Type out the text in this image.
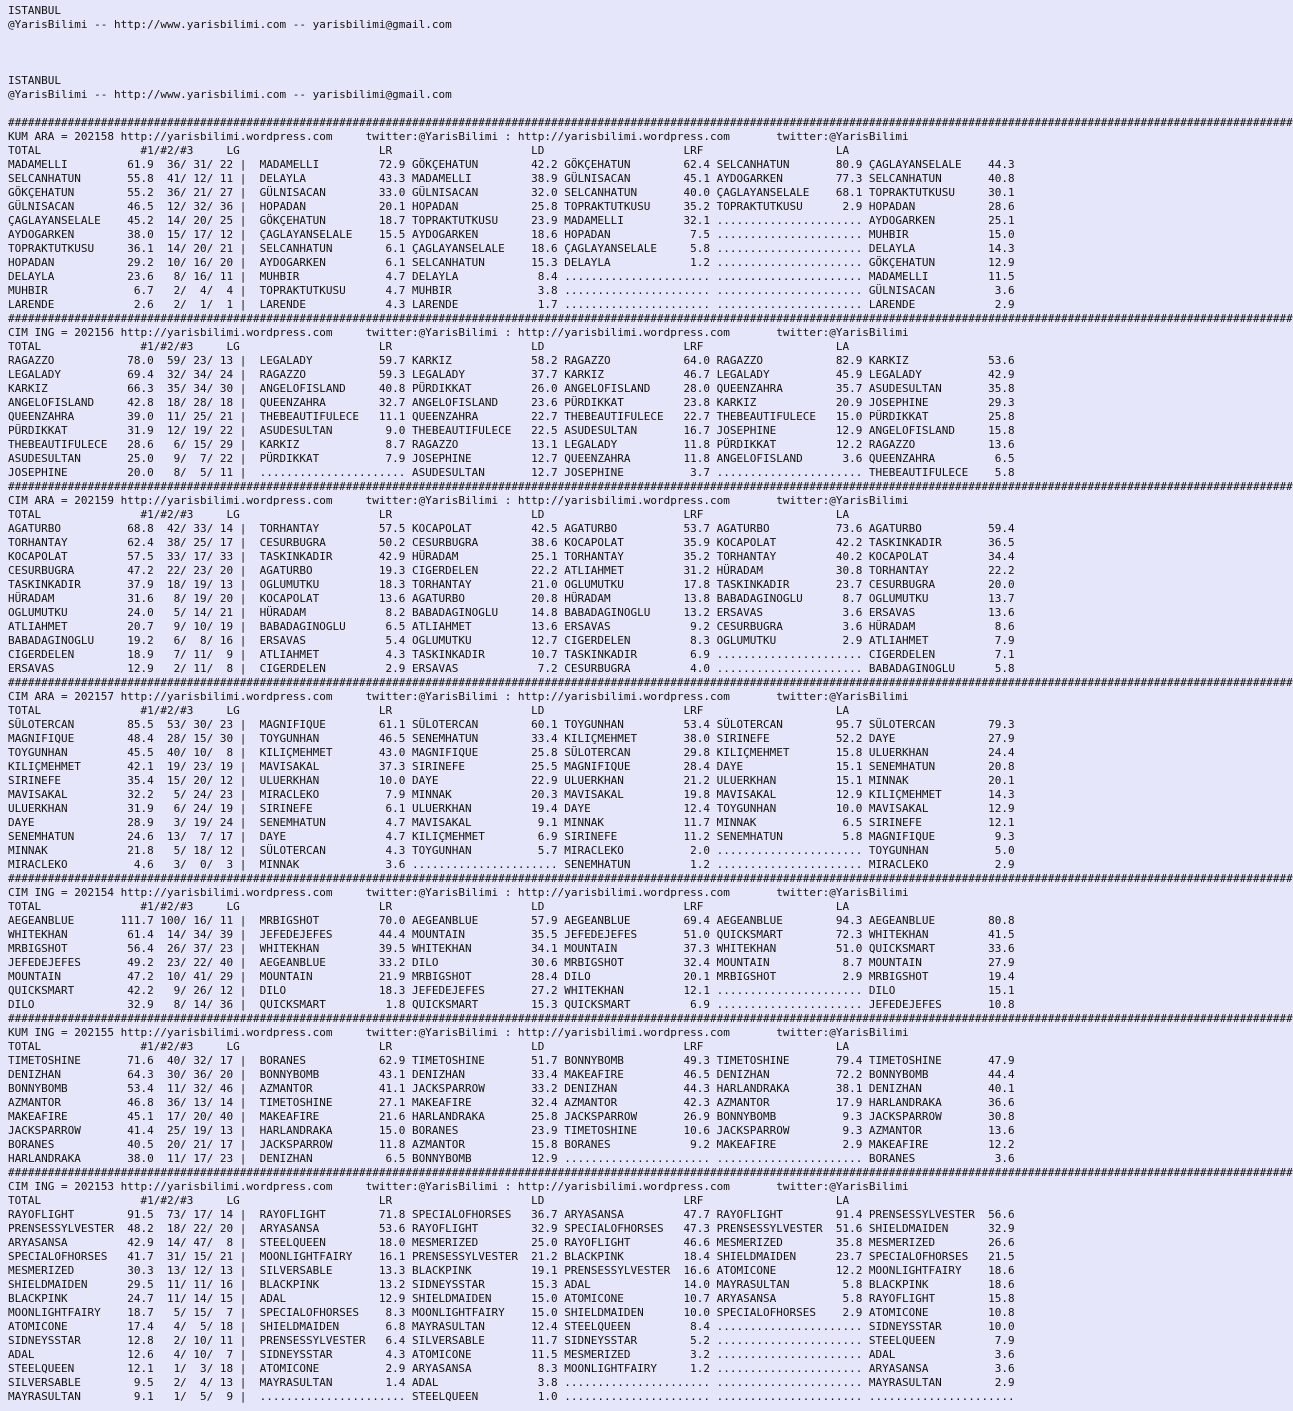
ISTANBUL
@YarisBilimi -- http://www.yarisbilimi.com -- yarisbilimi@gmail.com

ISTANBUL
@YarisBilimi -- http://www.yarisbilimi.com -- yarisbilimi@gmail.com

##################################################################################################################################################################################################
KUM ARA = 202158 http://yarisbilimi.wordpress.com     twitter:@YarisBilimi : http://yarisbilimi.wordpress.com       twitter:@YarisBilimi
TOTAL               #1/#2/#3     LG                     LR                     LD                     LRF                    LA
MADAMELLI         61.9  36/ 31/ 22 |  MADAMELLI         72.9 GÖKÇEHATUN        42.2 GÖKÇEHATUN        62.4 SELCANHATUN       80.9 ÇAGLAYANSELALE    44.3
SELCANHATUN       55.8  41/ 12/ 11 |  DELAYLA           43.3 MADAMELLI         38.9 GÜLNISACAN        45.1 AYDOGARKEN        77.3 SELCANHATUN       40.8
GÖKÇEHATUN        55.2  36/ 21/ 27 |  GÜLNISACAN        33.0 GÜLNISACAN        32.0 SELCANHATUN       40.0 ÇAGLAYANSELALE    68.1 TOPRAKTUTKUSU     30.1
GÜLNISACAN        46.5  12/ 32/ 36 |  HOPADAN           20.1 HOPADAN           25.8 TOPRAKTUTKUSU     35.2 TOPRAKTUTKUSU      2.9 HOPADAN           28.6
ÇAGLAYANSELALE    45.2  14/ 20/ 25 |  GÖKÇEHATUN        18.7 TOPRAKTUTKUSU     23.9 MADAMELLI         32.1 ...................... AYDOGARKEN        25.1
AYDOGARKEN        38.0  15/ 17/ 12 |  ÇAGLAYANSELALE    15.5 AYDOGARKEN        18.6 HOPADAN            7.5 ...................... MUHBIR            15.0
TOPRAKTUTKUSU     36.1  14/ 20/ 21 |  SELCANHATUN        6.1 ÇAGLAYANSELALE    18.6 ÇAGLAYANSELALE     5.8 ...................... DELAYLA           14.3
HOPADAN           29.2  10/ 16/ 20 |  AYDOGARKEN         6.1 SELCANHATUN       15.3 DELAYLA            1.2 ...................... GÖKÇEHATUN        12.9
DELAYLA           23.6   8/ 16/ 11 |  MUHBIR             4.7 DELAYLA            8.4 ...................... ...................... MADAMELLI         11.5
MUHBIR             6.7   2/  4/  4 |  TOPRAKTUTKUSU      4.7 MUHBIR             3.8 ...................... ...................... GÜLNISACAN         3.6
LARENDE            2.6   2/  1/  1 |  LARENDE            4.3 LARENDE            1.7 ...................... ...................... LARENDE            2.9
##################################################################################################################################################################################################
CIM ING = 202156 http://yarisbilimi.wordpress.com     twitter:@YarisBilimi : http://yarisbilimi.wordpress.com       twitter:@YarisBilimi
TOTAL               #1/#2/#3     LG                     LR                     LD                     LRF                    LA
RAGAZZO           78.0  59/ 23/ 13 |  LEGALADY          59.7 KARKIZ            58.2 RAGAZZO           64.0 RAGAZZO           82.9 KARKIZ            53.6
LEGALADY          69.4  32/ 34/ 24 |  RAGAZZO           59.3 LEGALADY          37.7 KARKIZ            46.7 LEGALADY          45.9 LEGALADY          42.9
KARKIZ            66.3  35/ 34/ 30 |  ANGELOFISLAND     40.8 PÜRDIKKAT         26.0 ANGELOFISLAND     28.0 QUEENZAHRA        35.7 ASUDESULTAN       35.8
ANGELOFISLAND     42.8  18/ 28/ 18 |  QUEENZAHRA        32.7 ANGELOFISLAND     23.6 PÜRDIKKAT         23.8 KARKIZ            20.9 JOSEPHINE         29.3
QUEENZAHRA        39.0  11/ 25/ 21 |  THEBEAUTIFULECE   11.1 QUEENZAHRA        22.7 THEBEAUTIFULECE   22.7 THEBEAUTIFULECE   15.0 PÜRDIKKAT         25.8
PÜRDIKKAT         31.9  12/ 19/ 22 |  ASUDESULTAN        9.0 THEBEAUTIFULECE   22.5 ASUDESULTAN       16.7 JOSEPHINE         12.9 ANGELOFISLAND     15.8
THEBEAUTIFULECE   28.6   6/ 15/ 29 |  KARKIZ             8.7 RAGAZZO           13.1 LEGALADY          11.8 PÜRDIKKAT         12.2 RAGAZZO           13.6
ASUDESULTAN       25.0   9/  7/ 22 |  PÜRDIKKAT          7.9 JOSEPHINE         12.7 QUEENZAHRA        11.8 ANGELOFISLAND      3.6 QUEENZAHRA         6.5
JOSEPHINE         20.0   8/  5/ 11 |  ...................... ASUDESULTAN       12.7 JOSEPHINE          3.7 ...................... THEBEAUTIFULECE    5.8
##################################################################################################################################################################################################
CIM ARA = 202159 http://yarisbilimi.wordpress.com     twitter:@YarisBilimi : http://yarisbilimi.wordpress.com       twitter:@YarisBilimi
TOTAL               #1/#2/#3     LG                     LR                     LD                     LRF                    LA
AGATURBO          68.8  42/ 33/ 14 |  TORHANTAY         57.5 KOCAPOLAT         42.5 AGATURBO          53.7 AGATURBO          73.6 AGATURBO          59.4
TORHANTAY         62.4  38/ 25/ 17 |  CESURBUGRA        50.2 CESURBUGRA        38.6 KOCAPOLAT         35.9 KOCAPOLAT         42.2 TASKINKADIR       36.5
KOCAPOLAT         57.5  33/ 17/ 33 |  TASKINKADIR       42.9 HÜRADAM           25.1 TORHANTAY         35.2 TORHANTAY         40.2 KOCAPOLAT         34.4
CESURBUGRA        47.2  22/ 23/ 20 |  AGATURBO          19.3 CIGERDELEN        22.2 ATLIAHMET         31.2 HÜRADAM           30.8 TORHANTAY         22.2
TASKINKADIR       37.9  18/ 19/ 13 |  OGLUMUTKU         18.3 TORHANTAY         21.0 OGLUMUTKU         17.8 TASKINKADIR       23.7 CESURBUGRA        20.0
HÜRADAM           31.6   8/ 19/ 20 |  KOCAPOLAT         13.6 AGATURBO          20.8 HÜRADAM           13.8 BABADAGINOGLU      8.7 OGLUMUTKU         13.7
OGLUMUTKU         24.0   5/ 14/ 21 |  HÜRADAM            8.2 BABADAGINOGLU     14.8 BABADAGINOGLU     13.2 ERSAVAS            3.6 ERSAVAS           13.6
ATLIAHMET         20.7   9/ 10/ 19 |  BABADAGINOGLU      6.5 ATLIAHMET         13.6 ERSAVAS            9.2 CESURBUGRA         3.6 HÜRADAM            8.6
BABADAGINOGLU     19.2   6/  8/ 16 |  ERSAVAS            5.4 OGLUMUTKU         12.7 CIGERDELEN         8.3 OGLUMUTKU          2.9 ATLIAHMET          7.9
CIGERDELEN        18.9   7/ 11/  9 |  ATLIAHMET          4.3 TASKINKADIR       10.7 TASKINKADIR        6.9 ...................... CIGERDELEN         7.1
ERSAVAS           12.9   2/ 11/  8 |  CIGERDELEN         2.9 ERSAVAS            7.2 CESURBUGRA         4.0 ...................... BABADAGINOGLU      5.8
##################################################################################################################################################################################################
CIM ARA = 202157 http://yarisbilimi.wordpress.com     twitter:@YarisBilimi : http://yarisbilimi.wordpress.com       twitter:@YarisBilimi
TOTAL               #1/#2/#3     LG                     LR                     LD                     LRF                    LA
SÜLOTERCAN        85.5  53/ 30/ 23 |  MAGNIFIQUE        61.1 SÜLOTERCAN        60.1 TOYGUNHAN         53.4 SÜLOTERCAN        95.7 SÜLOTERCAN        79.3
MAGNIFIQUE        48.4  28/ 15/ 30 |  TOYGUNHAN         46.5 SENEMHATUN        33.4 KILIÇMEHMET       38.0 SIRINEFE          52.2 DAYE              27.9
TOYGUNHAN         45.5  40/ 10/  8 |  KILIÇMEHMET       43.0 MAGNIFIQUE        25.8 SÜLOTERCAN        29.8 KILIÇMEHMET       15.8 ULUERKHAN         24.4
KILIÇMEHMET       42.1  19/ 23/ 19 |  MAVISAKAL         37.3 SIRINEFE          25.5 MAGNIFIQUE        28.4 DAYE              15.1 SENEMHATUN        20.8
SIRINEFE          35.4  15/ 20/ 12 |  ULUERKHAN         10.0 DAYE              22.9 ULUERKHAN         21.2 ULUERKHAN         15.1 MINNAK            20.1
MAVISAKAL         32.2   5/ 24/ 23 |  MIRACLEKO          7.9 MINNAK            20.3 MAVISAKAL         19.8 MAVISAKAL         12.9 KILIÇMEHMET       14.3
ULUERKHAN         31.9   6/ 24/ 19 |  SIRINEFE           6.1 ULUERKHAN         19.4 DAYE              12.4 TOYGUNHAN         10.0 MAVISAKAL         12.9
DAYE              28.9   3/ 19/ 24 |  SENEMHATUN         4.7 MAVISAKAL          9.1 MINNAK            11.7 MINNAK             6.5 SIRINEFE          12.1
SENEMHATUN        24.6  13/  7/ 17 |  DAYE               4.7 KILIÇMEHMET        6.9 SIRINEFE          11.2 SENEMHATUN         5.8 MAGNIFIQUE         9.3
MINNAK            21.8   5/ 18/ 12 |  SÜLOTERCAN         4.3 TOYGUNHAN          5.7 MIRACLEKO          2.0 ...................... TOYGUNHAN          5.0
MIRACLEKO          4.6   3/  0/  3 |  MINNAK             3.6 ...................... SENEMHATUN         1.2 ...................... MIRACLEKO          2.9
##################################################################################################################################################################################################
CIM ING = 202154 http://yarisbilimi.wordpress.com     twitter:@YarisBilimi : http://yarisbilimi.wordpress.com       twitter:@YarisBilimi
TOTAL               #1/#2/#3     LG                     LR                     LD                     LRF                    LA
AEGEANBLUE       111.7 100/ 16/ 11 |  MRBIGSHOT         70.0 AEGEANBLUE        57.9 AEGEANBLUE        69.4 AEGEANBLUE        94.3 AEGEANBLUE        80.8
WHITEKHAN         61.4  14/ 34/ 39 |  JEFEDEJEFES       44.4 MOUNTAIN          35.5 JEFEDEJEFES       51.0 QUICKSMART        72.3 WHITEKHAN         41.5
MRBIGSHOT         56.4  26/ 37/ 23 |  WHITEKHAN         39.5 WHITEKHAN         34.1 MOUNTAIN          37.3 WHITEKHAN         51.0 QUICKSMART        33.6
JEFEDEJEFES       49.2  23/ 22/ 40 |  AEGEANBLUE        33.2 DILO              30.6 MRBIGSHOT         32.4 MOUNTAIN           8.7 MOUNTAIN          27.9
MOUNTAIN          47.2  10/ 41/ 29 |  MOUNTAIN          21.9 MRBIGSHOT         28.4 DILO              20.1 MRBIGSHOT          2.9 MRBIGSHOT         19.4
QUICKSMART        42.2   9/ 26/ 12 |  DILO              18.3 JEFEDEJEFES       27.2 WHITEKHAN         12.1 ...................... DILO              15.1
DILO              32.9   8/ 14/ 36 |  QUICKSMART         1.8 QUICKSMART        15.3 QUICKSMART         6.9 ...................... JEFEDEJEFES       10.8
##################################################################################################################################################################################################
KUM ING = 202155 http://yarisbilimi.wordpress.com     twitter:@YarisBilimi : http://yarisbilimi.wordpress.com       twitter:@YarisBilimi
TOTAL               #1/#2/#3     LG                     LR                     LD                     LRF                    LA
TIMETOSHINE       71.6  40/ 32/ 17 |  BORANES           62.9 TIMETOSHINE       51.7 BONNYBOMB         49.3 TIMETOSHINE       79.4 TIMETOSHINE       47.9
DENIZHAN          64.3  30/ 36/ 20 |  BONNYBOMB         43.1 DENIZHAN          33.4 MAKEAFIRE         46.5 DENIZHAN          72.2 BONNYBOMB         44.4
BONNYBOMB         53.4  11/ 32/ 46 |  AZMANTOR          41.1 JACKSPARROW       33.2 DENIZHAN          44.3 HARLANDRAKA       38.1 DENIZHAN          40.1
AZMANTOR          46.8  36/ 13/ 14 |  TIMETOSHINE       27.1 MAKEAFIRE         32.4 AZMANTOR          42.3 AZMANTOR          17.9 HARLANDRAKA       36.6
MAKEAFIRE         45.1  17/ 20/ 40 |  MAKEAFIRE         21.6 HARLANDRAKA       25.8 JACKSPARROW       26.9 BONNYBOMB          9.3 JACKSPARROW       30.8
JACKSPARROW       41.4  25/ 19/ 13 |  HARLANDRAKA       15.0 BORANES           23.9 TIMETOSHINE       10.6 JACKSPARROW        9.3 AZMANTOR          13.6
BORANES           40.5  20/ 21/ 17 |  JACKSPARROW       11.8 AZMANTOR          15.8 BORANES            9.2 MAKEAFIRE          2.9 MAKEAFIRE         12.2
HARLANDRAKA       38.0  11/ 17/ 23 |  DENIZHAN           6.5 BONNYBOMB         12.9 ...................... ...................... BORANES            3.6
##################################################################################################################################################################################################
CIM ING = 202153 http://yarisbilimi.wordpress.com     twitter:@YarisBilimi : http://yarisbilimi.wordpress.com       twitter:@YarisBilimi
TOTAL               #1/#2/#3     LG                     LR                     LD                     LRF                    LA
RAYOFLIGHT        91.5  73/ 17/ 14 |  RAYOFLIGHT        71.8 SPECIALOFHORSES   36.7 ARYASANSA         47.7 RAYOFLIGHT        91.4 PRENSESSYLVESTER  56.6
PRENSESSYLVESTER  48.2  18/ 22/ 20 |  ARYASANSA         53.6 RAYOFLIGHT        32.9 SPECIALOFHORSES   47.3 PRENSESSYLVESTER  51.6 SHIELDMAIDEN      32.9
ARYASANSA         42.9  14/ 47/  8 |  STEELQUEEN        18.0 MESMERIZED        25.0 RAYOFLIGHT        46.6 MESMERIZED        35.8 MESMERIZED        26.6
SPECIALOFHORSES   41.7  31/ 15/ 21 |  MOONLIGHTFAIRY    16.1 PRENSESSYLVESTER  21.2 BLACKPINK         18.4 SHIELDMAIDEN      23.7 SPECIALOFHORSES   21.5
MESMERIZED        30.3  13/ 12/ 13 |  SILVERSABLE       13.3 BLACKPINK         19.1 PRENSESSYLVESTER  16.6 ATOMICONE         12.2 MOONLIGHTFAIRY    18.6
SHIELDMAIDEN      29.5  11/ 11/ 16 |  BLACKPINK         13.2 SIDNEYSSTAR       15.3 ADAL              14.0 MAYRASULTAN        5.8 BLACKPINK         18.6
BLACKPINK         24.7  11/ 14/ 15 |  ADAL              12.9 SHIELDMAIDEN      15.0 ATOMICONE         10.7 ARYASANSA          5.8 RAYOFLIGHT        15.8
MOONLIGHTFAIRY    18.7   5/ 15/  7 |  SPECIALOFHORSES    8.3 MOONLIGHTFAIRY    15.0 SHIELDMAIDEN      10.0 SPECIALOFHORSES    2.9 ATOMICONE         10.8
ATOMICONE         17.4   4/  5/ 18 |  SHIELDMAIDEN       6.8 MAYRASULTAN       12.4 STEELQUEEN         8.4 ...................... SIDNEYSSTAR       10.0
SIDNEYSSTAR       12.8   2/ 10/ 11 |  PRENSESSYLVESTER   6.4 SILVERSABLE       11.7 SIDNEYSSTAR        5.2 ...................... STEELQUEEN         7.9
ADAL              12.6   4/ 10/  7 |  SIDNEYSSTAR        4.3 ATOMICONE         11.5 MESMERIZED         3.2 ...................... ADAL               3.6
STEELQUEEN        12.1   1/  3/ 18 |  ATOMICONE          2.9 ARYASANSA          8.3 MOONLIGHTFAIRY     1.2 ...................... ARYASANSA          3.6
SILVERSABLE        9.5   2/  4/ 13 |  MAYRASULTAN        1.4 ADAL               3.8 ...................... ...................... MAYRASULTAN        2.9
MAYRASULTAN        9.1   1/  5/  9 |  ...................... STEELQUEEN         1.0 ...................... ...................... ......................
